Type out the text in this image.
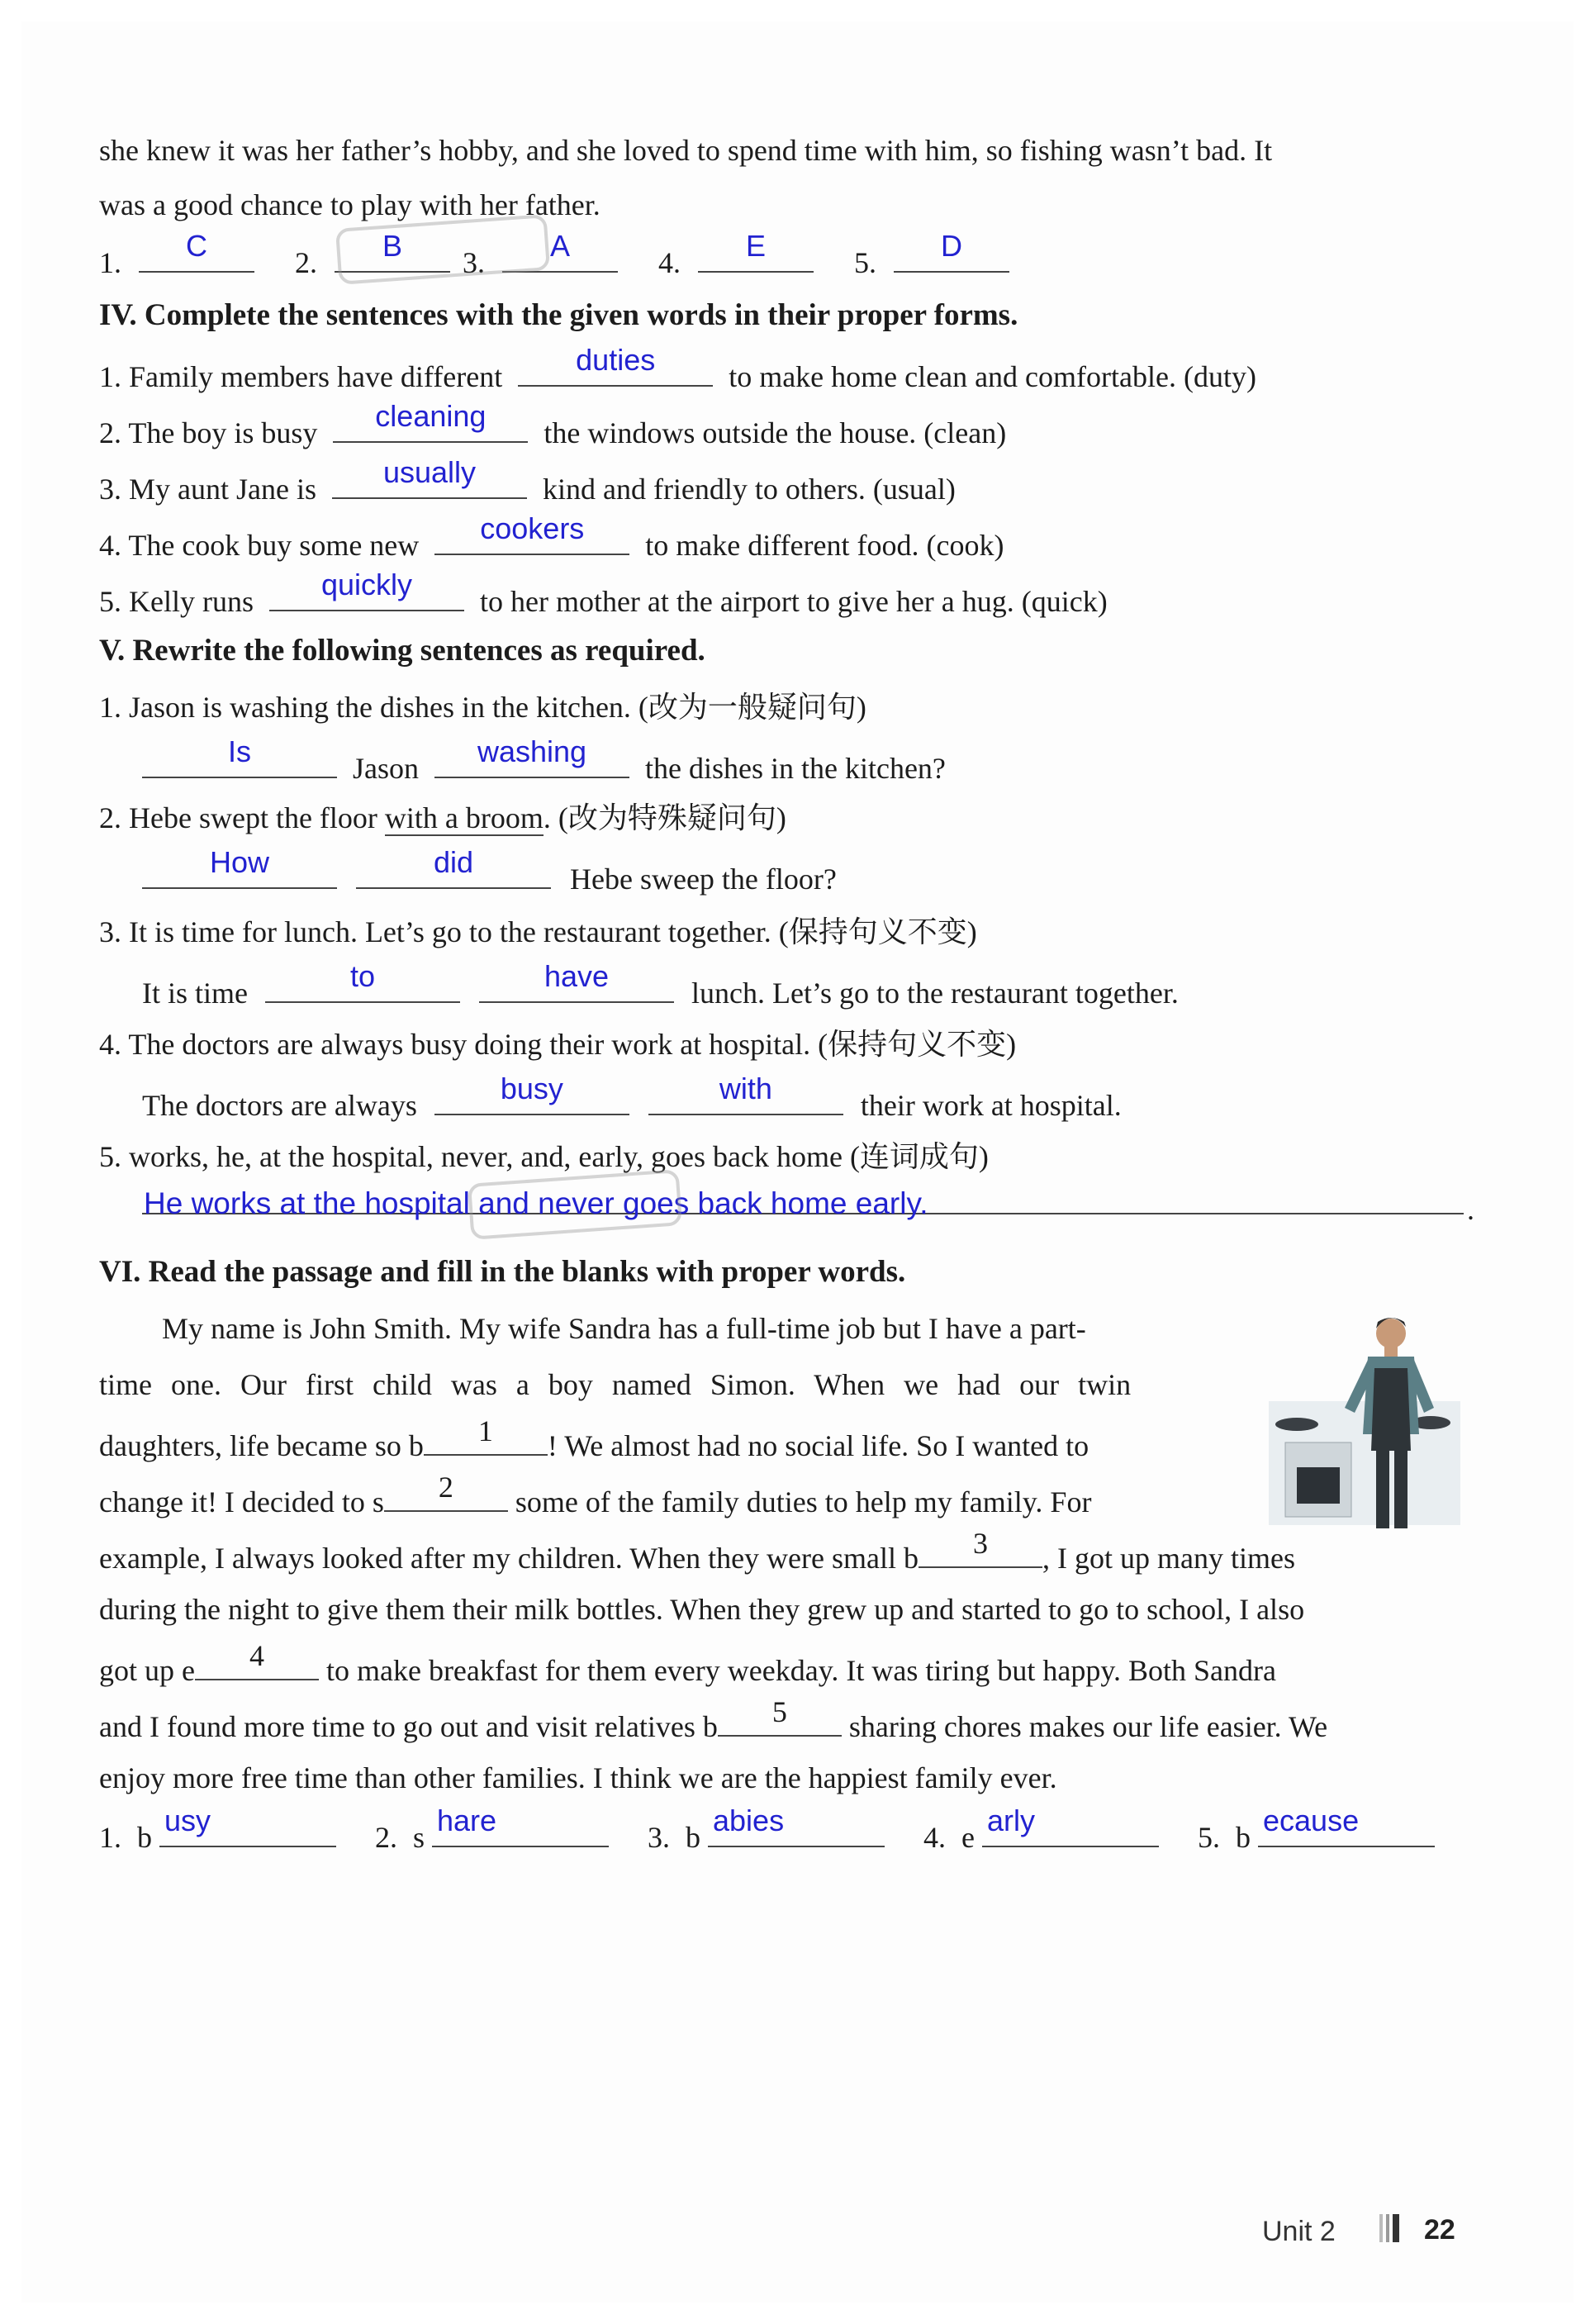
she knew it was her father’s hobby, and she loved to spend time with him, so fishing wasn’t bad. It
was a good chance to play with her father.
1.	C	2.	B	3.	A	4.	E	5.	D
IV. Complete the sentences with the given words in their proper forms.
1. Family members have different	duties	to make home clean and comfortable. (duty)
2. The boy is busy	cleaning	the windows outside the house. (clean)
3. My aunt Jane is	usually	kind and friendly to others. (usual)
4. The cook buy some new	cookers	to make different food. (cook)
5. Kelly runs	quickly	to her mother at the airport to give her a hug. (quick)
V. Rewrite the following sentences as required.
1. Jason is washing the dishes in the kitchen. (改为一般疑问句)
Is	Jason	washing	the dishes in the kitchen?
2. Hebe swept the floor with a broom. (改为特殊疑问句)
How
	did	Hebe sweep the floor?
3. It is time for lunch. Let’s go to the restaurant together. (保持句义不变)
It is time	to
	have	lunch. Let’s go to the restaurant together.
4. The doctors are always busy doing their work at hospital. (保持句义不变)
The doctors are always	busy
	with	their work at hospital.
5. works, he, at the hospital, never, and, early, goes back home (连词成句)
He works at the hospital and never goes back home early.	.
VI. Read the passage and fill in the blanks with proper words.
My name is John Smith. My wife Sandra has a full-time job but I have a part-
time one. Our first child was a boy named Simon. When we had our twin
daughters, life became so b	1	! We almost had no social life. So I wanted to
change it! I decided to s	2	some of the family duties to help my family. For
example, I always looked after my children. When they were small b	3	, I got up many times
during the night to give them their milk bottles. When they grew up and started to go to school, I also
got up e	4	to make breakfast for them every weekday. It was tiring but happy. Both Sandra
and I found more time to go out and visit relatives b	5	sharing chores makes our life easier. We
enjoy more free time than other families. I think we are the happiest family ever.
1. b usy	2. s hare	3. b abies	4. e arly	5. b ecause
Unit 2	22
